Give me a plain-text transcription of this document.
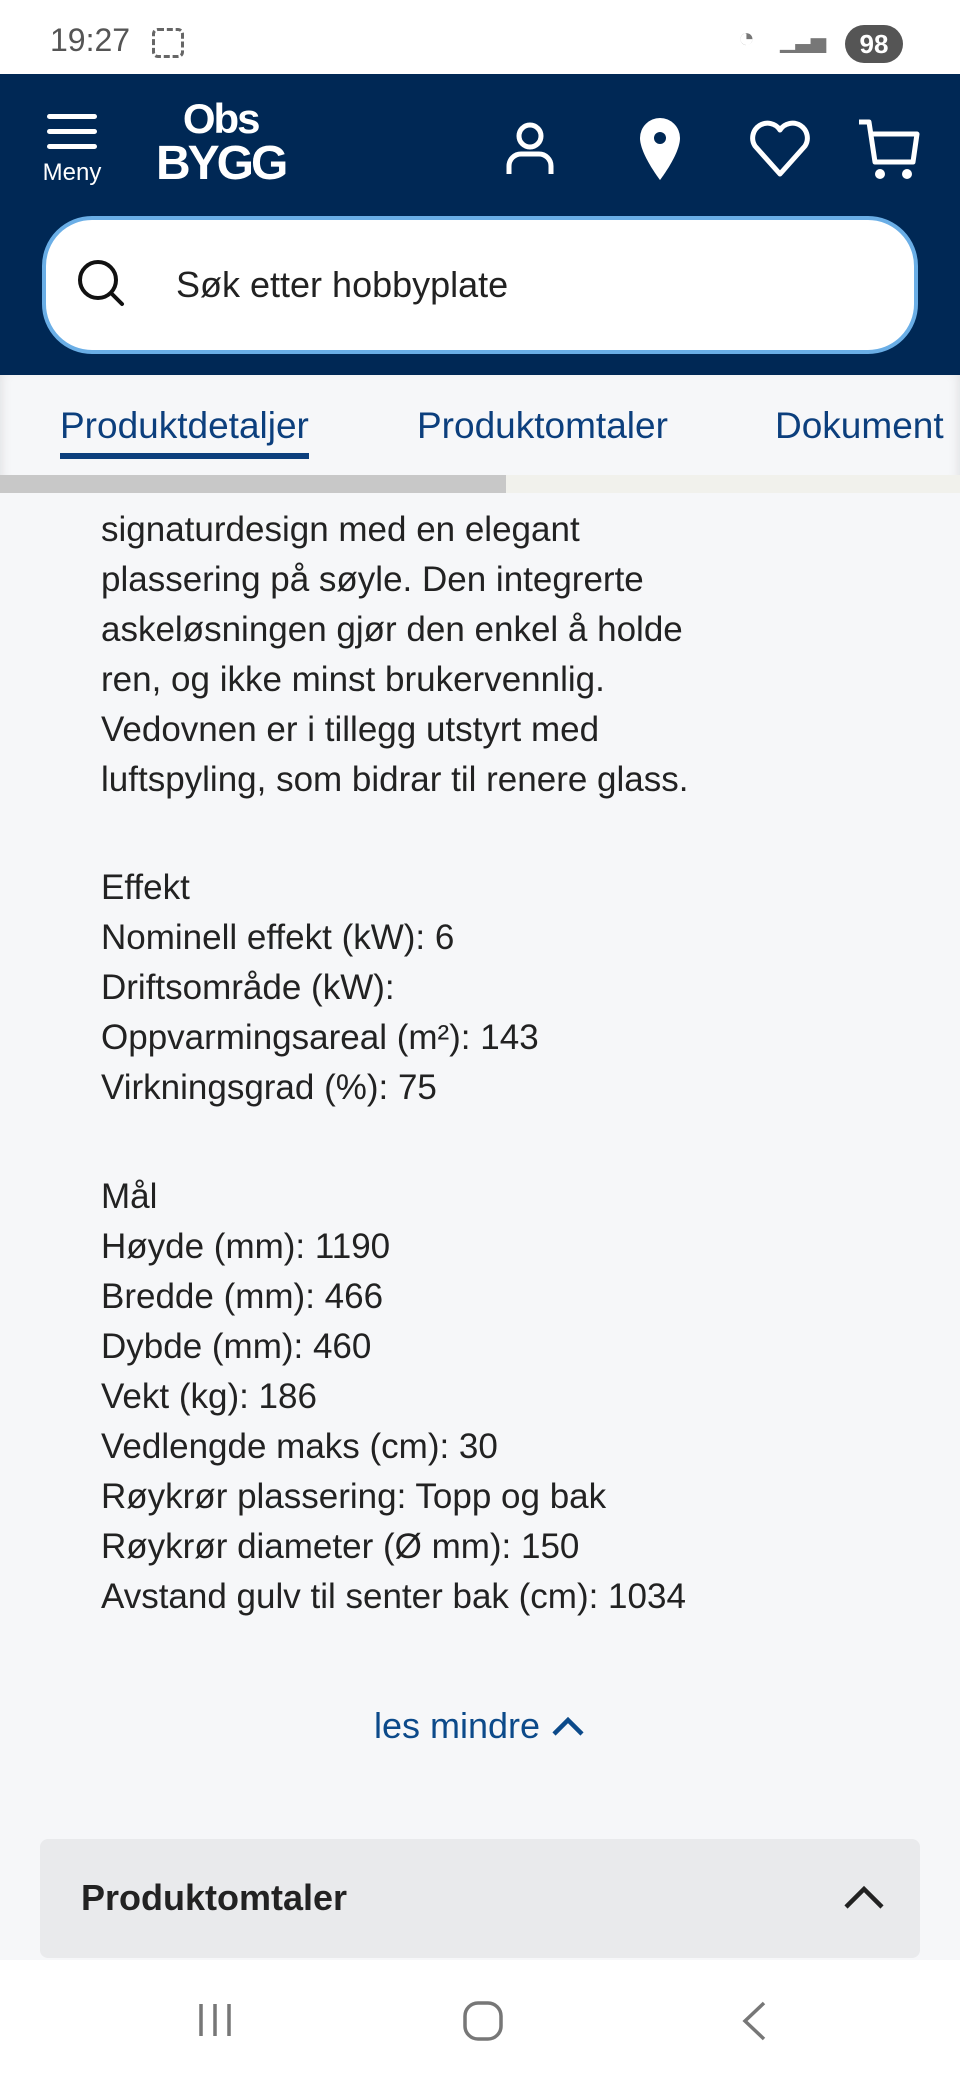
19:27	◔ ▁▃▅	98
Meny
Obs
BYGG
Søk etter hobbyplate
Produktdetaljer	Produktomtaler	Dokument
signaturdesign med en elegant
plassering på søyle. Den integrerte
askeløsningen gjør den enkel å holde
ren, og ikke minst brukervennlig.
Vedovnen er i tillegg utstyrt med
luftspyling, som bidrar til renere glass.
Effekt
Nominell effekt (kW): 6
Driftsområde (kW):
Oppvarmingsareal (m²): 143
Virkningsgrad (%): 75
Mål
Høyde (mm): 1190
Bredde (mm): 466
Dybde (mm): 460
Vekt (kg): 186
Vedlengde maks (cm): 30
Røykrør plassering: Topp og bak
Røykrør diameter (Ø mm): 150
Avstand gulv til senter bak (cm): 1034
les mindre
Produktomtaler
